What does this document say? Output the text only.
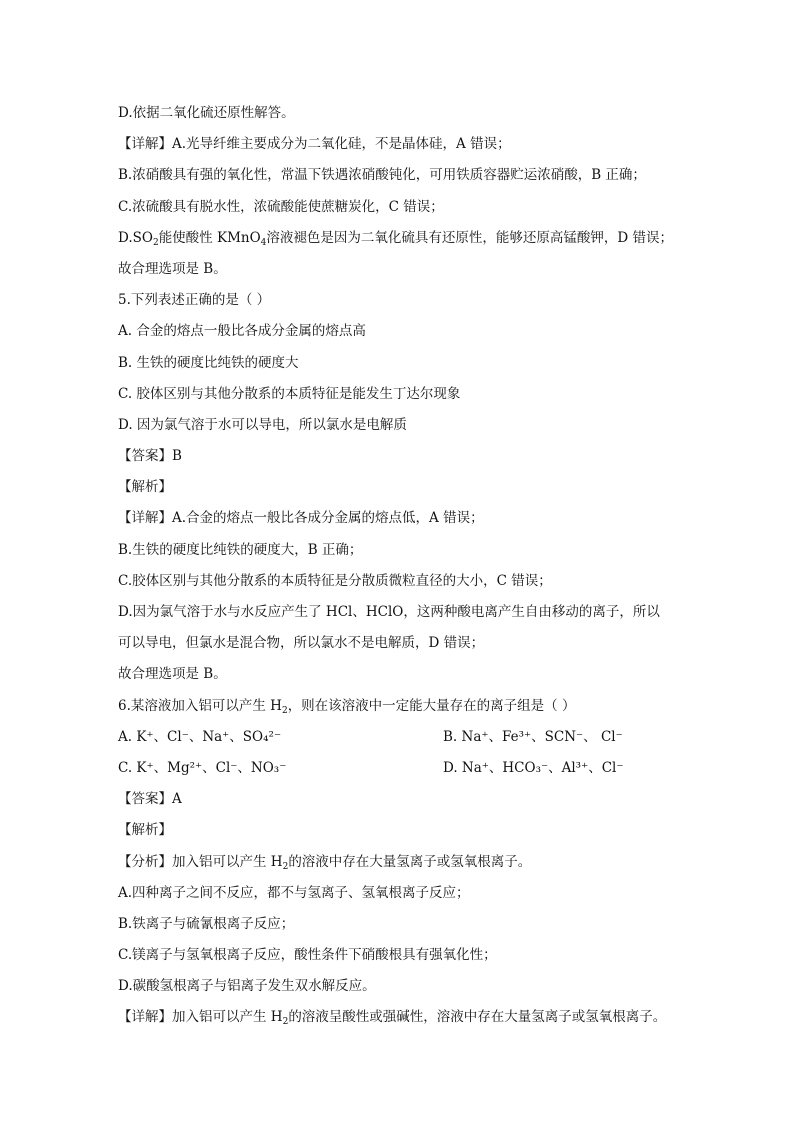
D.依据二氧化硫还原性解答。
【详解】A.光导纤维主要成分为二氧化硅，不是晶体硅，A 错误；
B.浓硝酸具有强的氧化性，常温下铁遇浓硝酸钝化，可用铁质容器贮运浓硝酸，B 正确；
C.浓硫酸具有脱水性，浓硫酸能使蔗糖炭化，C 错误；
$D.SO_2$能使酸性 KMnO$_4$溶液褪色是因为二氧化硫具有还原性，能够还原高锰酸钾，D 错误；
故合理选项是 B。
5.下列表述正确的是（ ）
A. 合金的熔点一般比各成分金属的熔点高
B. 生铁的硬度比纯铁的硬度大
C. 胶体区别与其他分散系的本质特征是能发生丁达尔现象
D. 因为氯气溶于水可以导电，所以氯水是电解质
【答案】B
【解析】
【详解】A.合金的熔点一般比各成分金属的熔点低，A 错误；
B.生铁的硬度比纯铁的硬度大，B 正确；
C.胶体区别与其他分散系的本质特征是分散质微粒直径的大小，C 错误；
D.因为氯气溶于水与水反应产生了 HCl、HClO，这两种酸电离产生自由移动的离子，所以
可以导电，但氯水是混合物，所以氯水不是电解质，D 错误；
故合理选项是 B。
6.某溶液加入铝可以产生 $H_2$，则在该溶液中一定能大量存在的离子组是（ ）
A. K⁺、Cl⁻、Na⁺、SO₄²⁻	B. Na⁺、Fe³⁺、SCN⁻、 Cl⁻
C. K⁺、Mg²⁺、Cl⁻、NO₃⁻	D. Na⁺、HCO₃⁻、Al³⁺、Cl⁻
【答案】A
【解析】
【分析】加入铝可以产生 $H_2$的溶液中存在大量氢离子或氢氧根离子。
A.四种离子之间不反应，都不与氢离子、氢氧根离子反应；
B.铁离子与硫氰根离子反应；
C.镁离子与氢氧根离子反应，酸性条件下硝酸根具有强氧化性；
D.碳酸氢根离子与铝离子发生双水解反应。
【详解】加入铝可以产生 $H_2$的溶液呈酸性或强碱性，溶液中存在大量氢离子或氢氧根离子。
